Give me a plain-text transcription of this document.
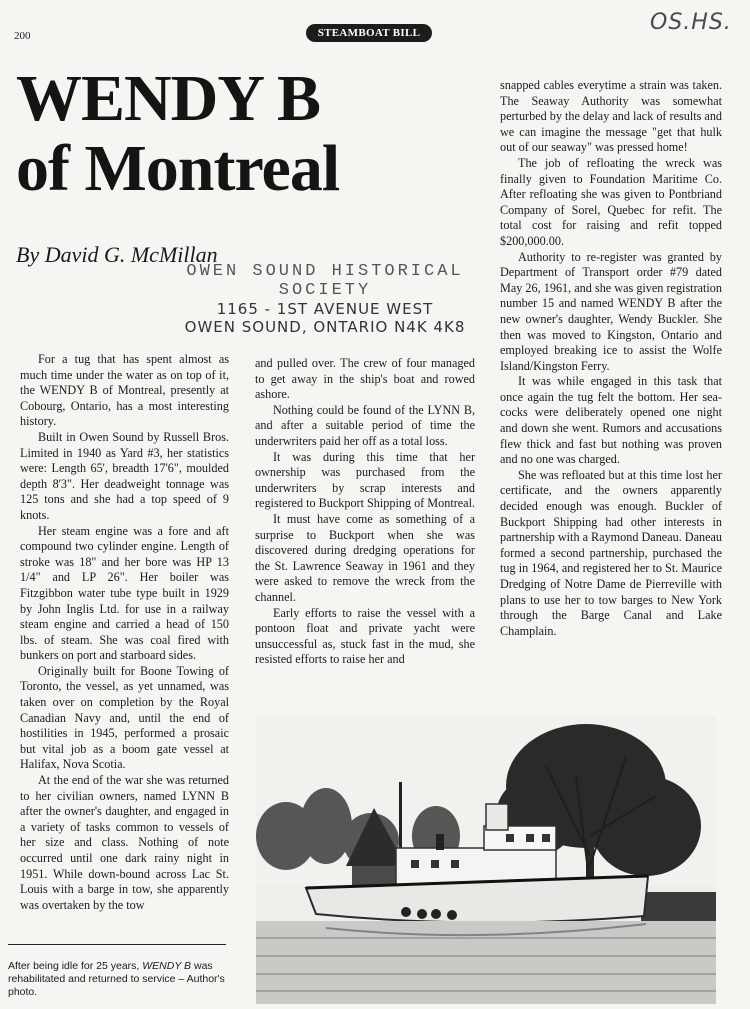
200	STEAMBOAT BILL	OS.HS.
WENDY B
of Montreal
By David G. McMillan
OWEN SOUND HISTORICAL SOCIETY
1165 - 1ST AVENUE WEST
OWEN SOUND, ONTARIO N4K 4K8

For a tug that has spent almost as much time under the water as on top of it, the WENDY B of Montreal, presently at Cobourg, Ontario, has a most interesting history.

Built in Owen Sound by Russell Bros. Limited in 1940 as Yard #3, her statistics were: Length 65', breadth 17'6", moulded depth 8'3". Her deadweight tonnage was 125 tons and she had a top speed of 9 knots.

Her steam engine was a fore and aft compound two cylinder engine. Length of stroke was 18" and her bore was HP 13 1/4" and LP 26". Her boiler was Fitzgibbon water tube type built in 1929 by John Inglis Ltd. for use in a railway steam engine and carried a head of 150 lbs. of steam. She was coal fired with bunkers on port and starboard sides.

Originally built for Boone Towing of Toronto, the vessel, as yet unnamed, was taken over on completion by the Royal Canadian Navy and, until the end of hostilities in 1945, performed a prosaic but vital job as a boom gate vessel at Halifax, Nova Scotia.

At the end of the war she was returned to her civilian owners, named LYNN B after the owner's daughter, and engaged in a variety of tasks common to vessels of her size and class. Nothing of note occurred until one dark rainy night in 1951. While down-bound across Lac St. Louis with a barge in tow, she apparently was overtaken by the tow

and pulled over. The crew of four managed to get away in the ship's boat and rowed ashore.

Nothing could be found of the LYNN B, and after a suitable period of time the underwriters paid her off as a total loss.

It was during this time that her ownership was purchased from the underwriters by scrap interests and registered to Buckport Shipping of Montreal.

It must have come as something of a surprise to Buckport when she was discovered during dredging operations for the St. Lawrence Seaway in 1961 and they were asked to remove the wreck from the channel.

Early efforts to raise the vessel with a pontoon float and private yacht were unsuccessful as, stuck fast in the mud, she resisted efforts to raise her and

snapped cables everytime a strain was taken. The Seaway Authority was somewhat perturbed by the delay and lack of results and we can imagine the message "get that hulk out of our seaway" was pressed home!

The job of refloating the wreck was finally given to Foundation Maritime Co. After refloating she was given to Pontbriand Company of Sorel, Quebec for refit. The total cost for raising and refit topped $200,000.00.

Authority to re-register was granted by Department of Transport order #79 dated May 26, 1961, and she was given registration number 15 and named WENDY B after the new owner's daughter, Wendy Buckler. She then was moved to Kingston, Ontario and employed breaking ice to assist the Wolfe Island/Kingston Ferry.

It was while engaged in this task that once again the tug felt the bottom. Her sea-cocks were deliberately opened one night and down she went. Rumors and accusations flew thick and fast but nothing was proven and no one was charged.

She was refloated but at this time lost her certificate, and the owners apparently decided enough was enough. Buckler of Buckport Shipping had other interests in partnership with a Raymond Daneau. Daneau formed a second partnership, purchased the tug in 1964, and registered her to St. Maurice Dredging of Notre Dame de Pierreville with plans to use her to tow barges to New York through the Barge Canal and Lake Champlain.

After being idle for 25 years, WENDY B was rehabilitated and returned to service – Author's photo.
